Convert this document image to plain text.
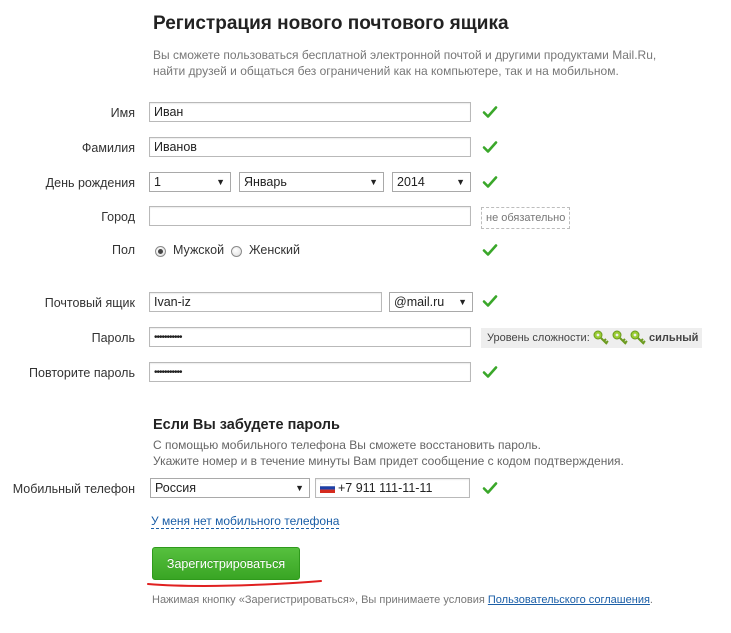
Регистрация нового почтового ящика
Вы сможете пользоваться бесплатной электронной почтой и другими продуктами Mail.Ru,
найти друзей и общаться без ограничений как на компьютере, так и на мобильном.
Имя	Иван
Фамилия	Иванов
День рождения	1	▼	Январь	▼	2014	▼
Город	не обязательно
Пол	Мужской Женский
Почтовый ящик	Ivan-iz	@mail.ru ▼
Пароль	•••••••••••	Уровень сложности:	сильный
Повторите пароль	•••••••••••
Если Вы забудете пароль
С помощью мобильного телефона Вы сможете восстановить пароль.
Укажите номер и в течение минуты Вам придет сообщение с кодом подтверждения.
Мобильный телефон	Россия	▼	+7 911 111-11-11
У меня нет мобильного телефона
Зарегистрироваться
Нажимая кнопку «Зарегистрироваться», Вы принимаете условия Пользовательского соглашения.
